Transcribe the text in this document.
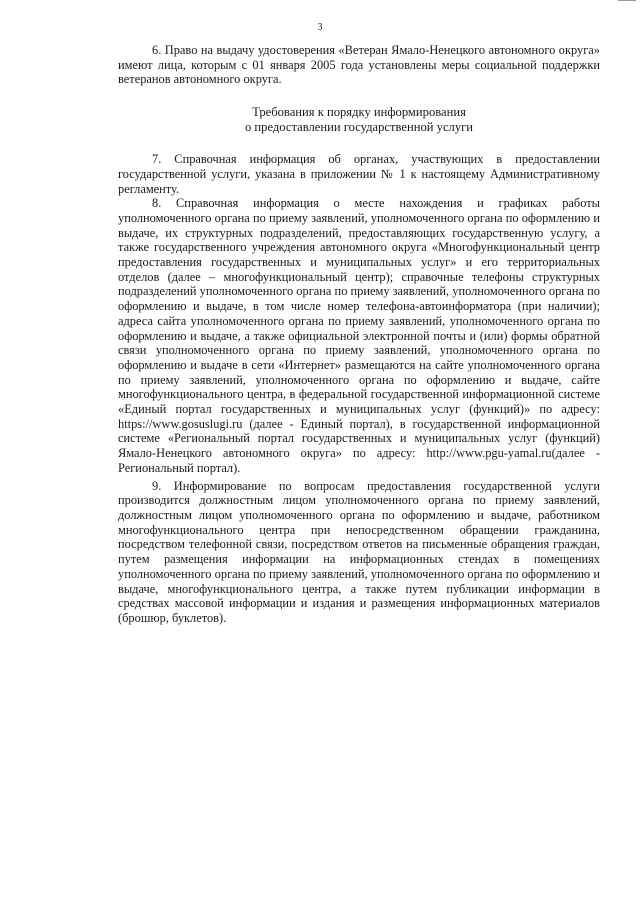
3

6. Право на выдачу удостоверения «Ветеран Ямало-Ненецкого автономного округа» имеют лица, которым с 01 января 2005 года установлены меры социальной поддержки ветеранов автономного округа.

Требования к порядку информирования
о предоставлении государственной услуги

7. Справочная информация об органах, участвующих в предоставлении государственной услуги, указана в приложении № 1 к настоящему Административному регламенту.

8. Справочная информация о месте нахождения и графиках работы уполномоченного органа по приему заявлений, уполномоченного органа по оформлению и выдаче, их структурных подразделений, предоставляющих государственную услугу, а также государственного учреждения автономного округа «Многофункциональный центр предоставления государственных и муниципальных услуг» и его территориальных отделов (далее – многофункциональный центр); справочные телефоны структурных подразделений уполномоченного органа по приему заявлений, уполномоченного органа по оформлению и выдаче, в том числе номер телефона-автоинформатора (при наличии); адреса сайта уполномоченного органа по приему заявлений, уполномоченного органа по оформлению и выдаче, а также официальной электронной почты и (или) формы обратной связи уполномоченного органа по приему заявлений, уполномоченного органа по оформлению и выдаче в сети «Интернет» размещаются на сайте уполномоченного органа по приему заявлений, уполномоченного органа по оформлению и выдаче, сайте многофункционального центра, в федеральной государственной информационной системе «Единый портал государственных и муниципальных услуг (функций)» по адресу: https://www.gosuslugi.ru (далее - Единый портал), в государственной информационной системе «Региональный портал государственных и муниципальных услуг (функций) Ямало-Ненецкого автономного округа» по адресу: http://www.pgu-yamal.ru(далее - Региональный портал).

9. Информирование по вопросам предоставления государственной услуги производится должностным лицом уполномоченного органа по приему заявлений, должностным лицом уполномоченного органа по оформлению и выдаче, работником многофункционального центра при непосредственном обращении гражданина, посредством телефонной связи, посредством ответов на письменные обращения граждан, путем размещения информации на информационных стендах в помещениях уполномоченного органа по приему заявлений, уполномоченного органа по оформлению и выдаче, многофункционального центра, а также путем публикации информации в средствах массовой информации и издания и размещения информационных материалов (брошюр, буклетов).
